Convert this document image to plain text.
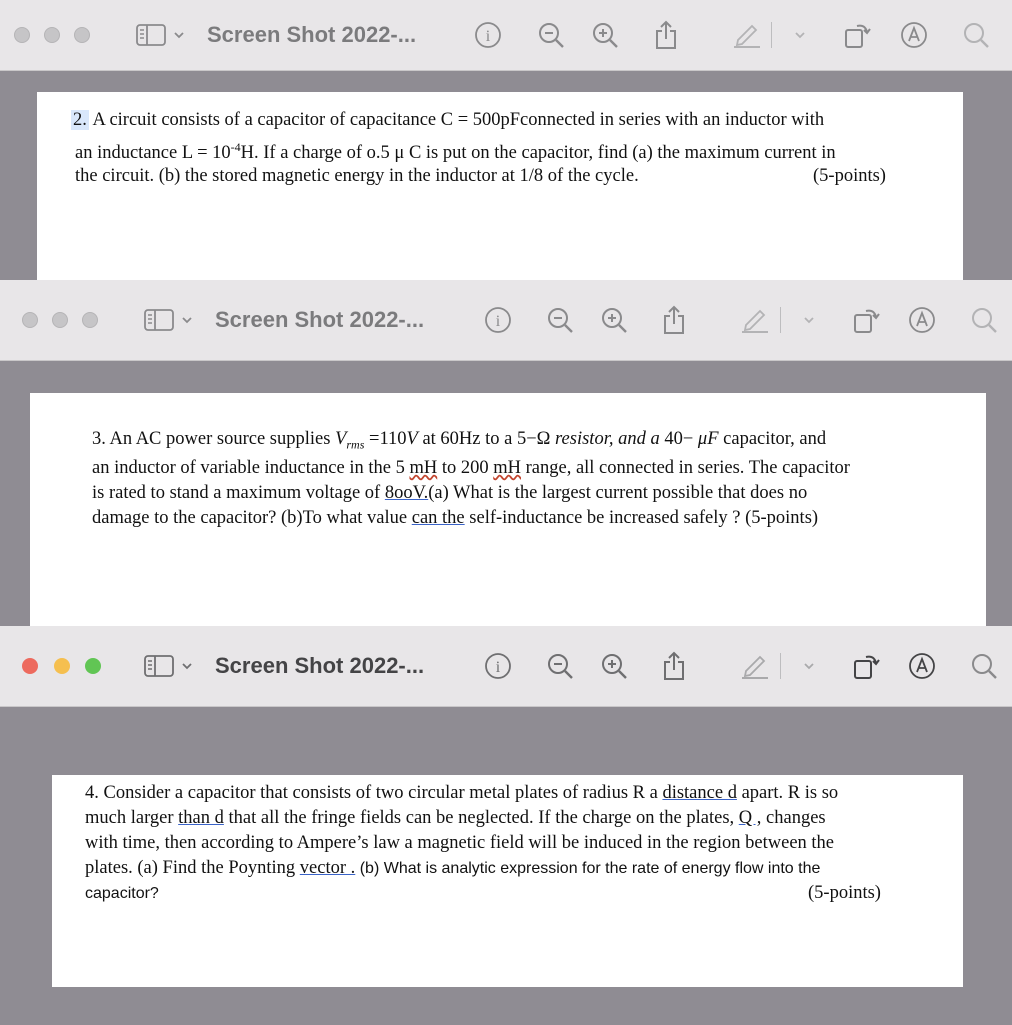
Screen Shot 2022-...	i

2. A circuit consists of a capacitor of capacitance C = 500pFconnected in series with an inductor with

an inductance $L = 10^{-4}H$. If a charge of o.5 μ C is put on the capacitor, find (a) the maximum current in

the circuit. (b) the stored magnetic energy in the inductor at 1/8 of the cycle.	(5-points)

Screen Shot 2022-...	i

3. An AC power source supplies $V_{rms} =110V$ at 60Hz to a 5−Ω resistor, and a 40− μF capacitor, and

an inductor of variable inductance in the 5 mH to 200 mH range, all connected in series. The capacitor

is rated to stand a maximum voltage of 8ooV.(a) What is the largest current possible that does no

damage to the capacitor? (b)To what value can the self-inductance be increased safely ? (5-points)

Screen Shot 2022-...	i

4. Consider a capacitor that consists of two circular metal plates of radius R a distance d apart. R is so

much larger than d that all the fringe fields can be neglected. If the charge on the plates, Q , changes

with time, then according to Ampere’s law a magnetic field will be induced in the region between the

plates. (a) Find the Poynting vector . (b) What is analytic expression for the rate of energy flow into the

capacitor?	(5-points)
